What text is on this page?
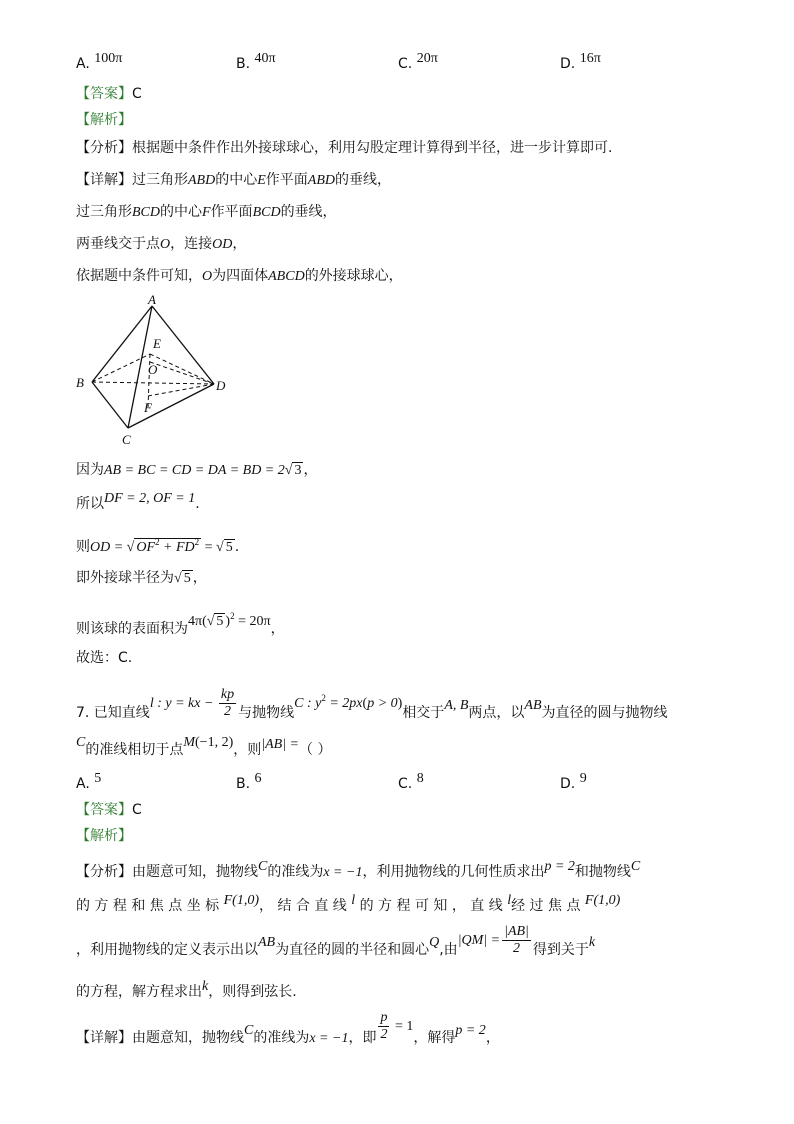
A. 100π	B. 40π	C. 20π	D. 16π
【答案】C
【解析】
【分析】根据题中条件作出外接球球心，利用勾股定理计算得到半径，进一步计算即可.
【详解】过三角形ABD的中心E作平面ABD的垂线，
过三角形BCD的中心F作平面BCD的垂线，
两垂线交于点O，连接OD，
依据题中条件可知，O为四面体ABCD的外接球球心，
A
B
C
D
E
O
F
因为AB = BC = CD = DA = BD = 2√ 3 ，
所以DF = 2, OF = 1.
则OD = √ $OF^2 + FD^2$ = √ 5 .
即外接球半径为√ 5 ，
则该球的表面积为4π(√ 5 )$^2$ = 20π，
故选：C.
7. 已知直线l : y = kx − $\frac{kp}{2}$ 与抛物线C : $y^2 = 2px(p > 0)$相交于A, B两点，以AB为直径的圆与抛物线
C的准线相切于点M(−1, 2)，则|AB| =（ ）
A. 5	B. 6	C. 8	D. 9
【答案】C
【解析】
【分析】由题意可知，抛物线C的准线为x = −1，利用抛物线的几何性质求出p = 2和抛物线C
的 方 程 和 焦 点 坐 标 F(1,0)， 结 合 直 线 l 的 方 程 可 知 ， 直 线 l经 过 焦 点 F(1,0)
，利用抛物线的定义表示出以AB为直径的圆的半径和圆心Q,由$|QM| = \frac{|AB|}{2}$ 得到关于k
的方程，解方程求出k，则得到弦长.
【详解】由题意知，抛物线C的准线为x = −1，即 $\frac{p}{2} = 1$，解得p = 2，
